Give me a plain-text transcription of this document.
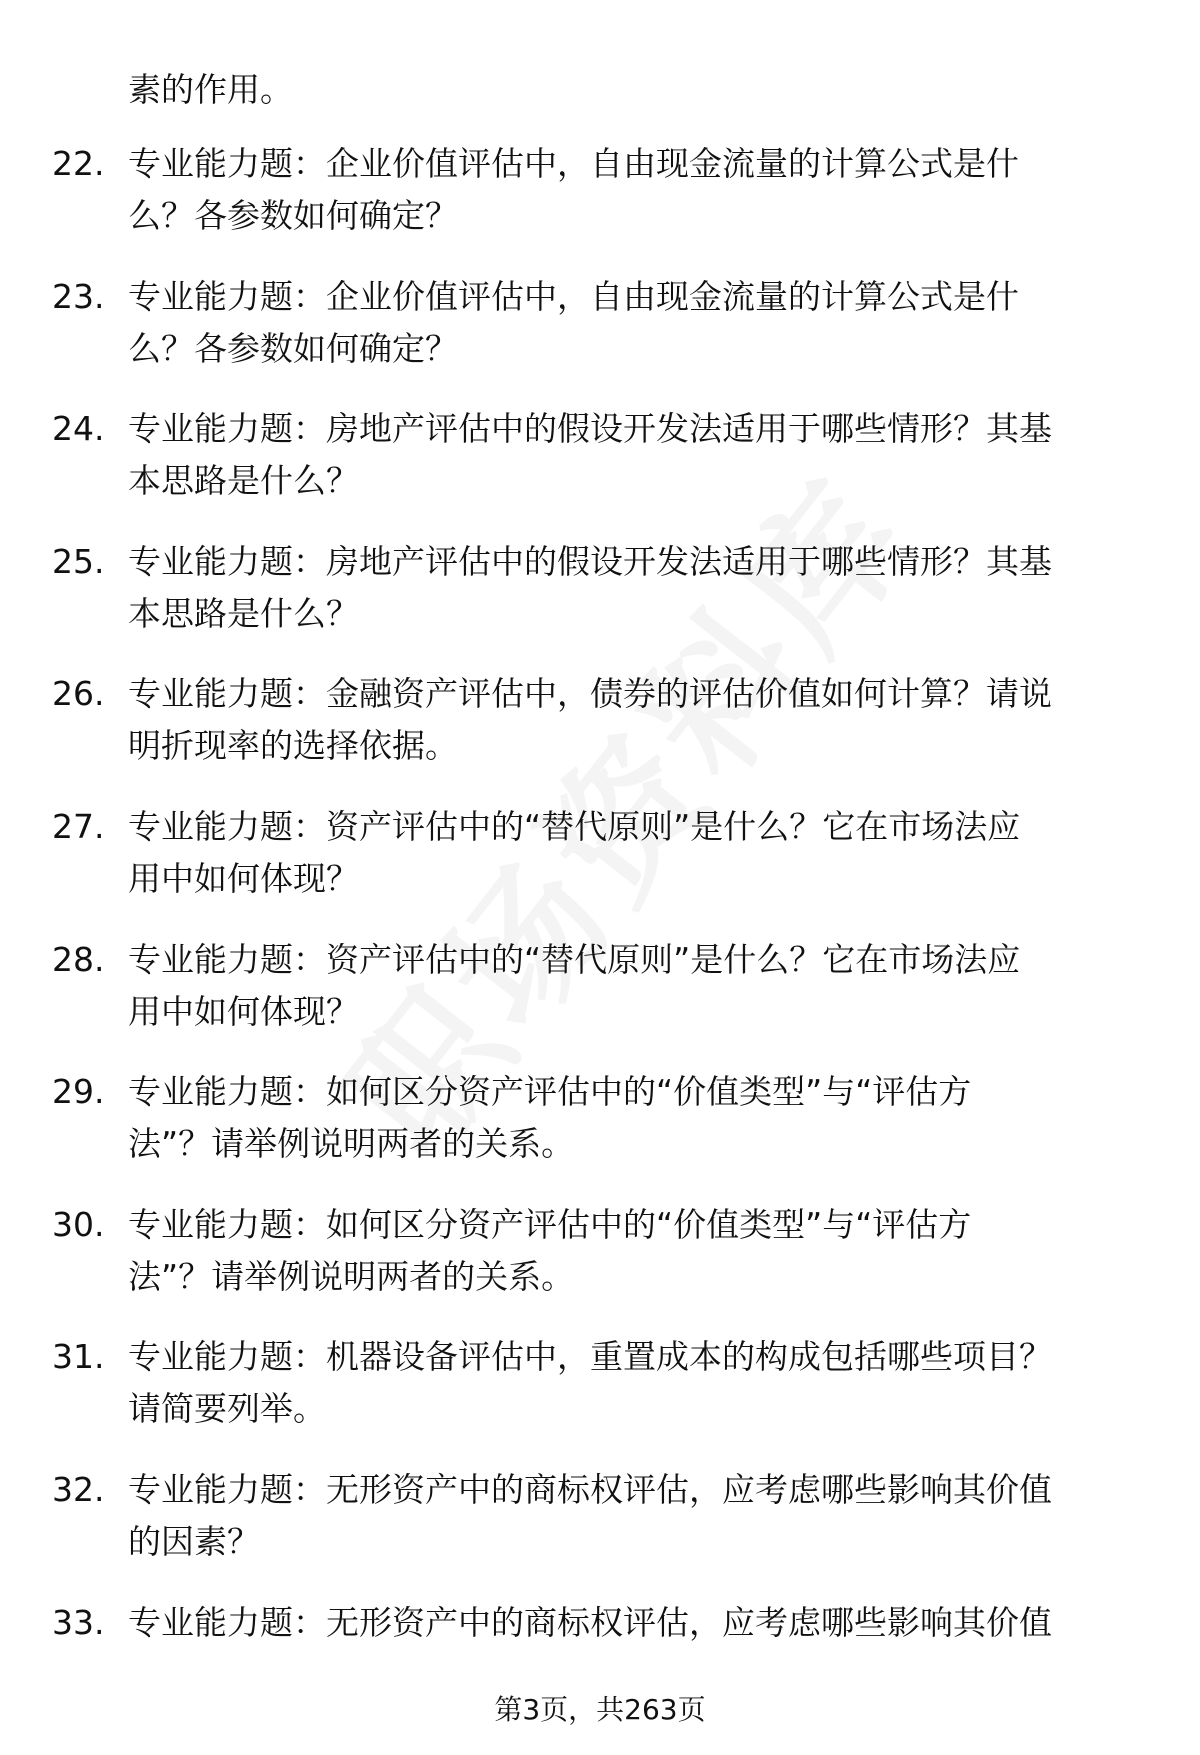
素的作用。
22. 专业能力题：企业价值评估中，自由现金流量的计算公式是什
么？各参数如何确定？
23. 专业能力题：企业价值评估中，自由现金流量的计算公式是什
么？各参数如何确定？
24. 专业能力题：房地产评估中的假设开发法适用于哪些情形？其基
本思路是什么？
25. 专业能力题：房地产评估中的假设开发法适用于哪些情形？其基
本思路是什么？
26. 专业能力题：金融资产评估中，债券的评估价值如何计算？请说
明折现率的选择依据。
27. 专业能力题：资产评估中的“替代原则”是什么？它在市场法应
用中如何体现？
28. 专业能力题：资产评估中的“替代原则”是什么？它在市场法应
用中如何体现？
29. 专业能力题：如何区分资产评估中的“价值类型”与“评估方
法”？请举例说明两者的关系。
30. 专业能力题：如何区分资产评估中的“价值类型”与“评估方
法”？请举例说明两者的关系。
31. 专业能力题：机器设备评估中，重置成本的构成包括哪些项目？
请简要列举。
32. 专业能力题：无形资产中的商标权评估，应考虑哪些影响其价值
的因素？
33. 专业能力题：无形资产中的商标权评估，应考虑哪些影响其价值
第3页，共263页
